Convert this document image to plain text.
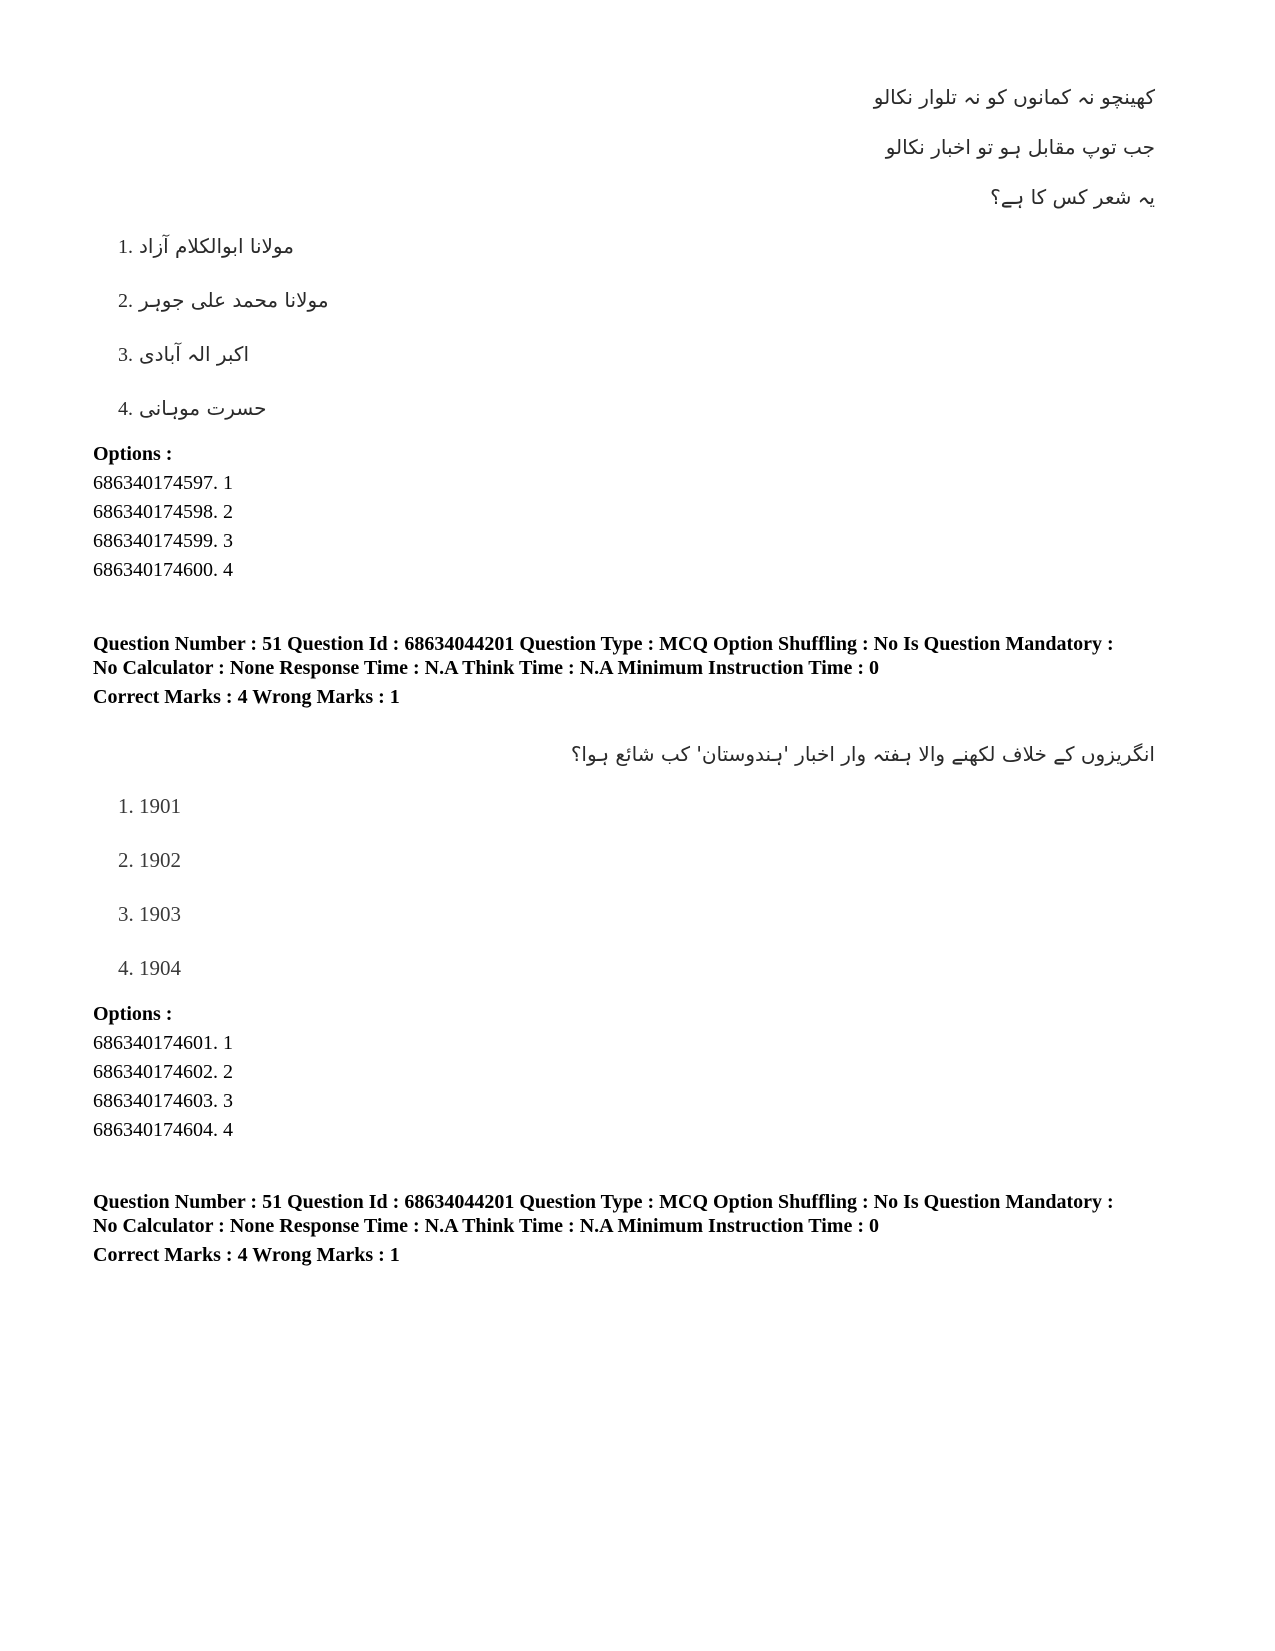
کھینچو نہ کمانوں کو نہ تلوار نکالو
جب توپ مقابل ہو تو اخبار نکالو
یہ شعر کس کا ہے؟
1. مولانا ابوالکلام آزاد
2. مولانا محمد علی جوہر
3. اکبر الہ آبادی
4. حسرت موہانی
Options :
686340174597. 1
686340174598. 2
686340174599. 3
686340174600. 4
Question Number : 51 Question Id : 68634044201 Question Type : MCQ Option Shuffling : No Is Question Mandatory :
No Calculator : None Response Time : N.A Think Time : N.A Minimum Instruction Time : 0
Correct Marks : 4 Wrong Marks : 1
انگریزوں کے خلاف لکھنے والا ہفتہ وار اخبار 'ہندوستان' کب شائع ہوا؟
1. 1901
2. 1902
3. 1903
4. 1904
Options :
686340174601. 1
686340174602. 2
686340174603. 3
686340174604. 4
Question Number : 51 Question Id : 68634044201 Question Type : MCQ Option Shuffling : No Is Question Mandatory :
No Calculator : None Response Time : N.A Think Time : N.A Minimum Instruction Time : 0
Correct Marks : 4 Wrong Marks : 1
